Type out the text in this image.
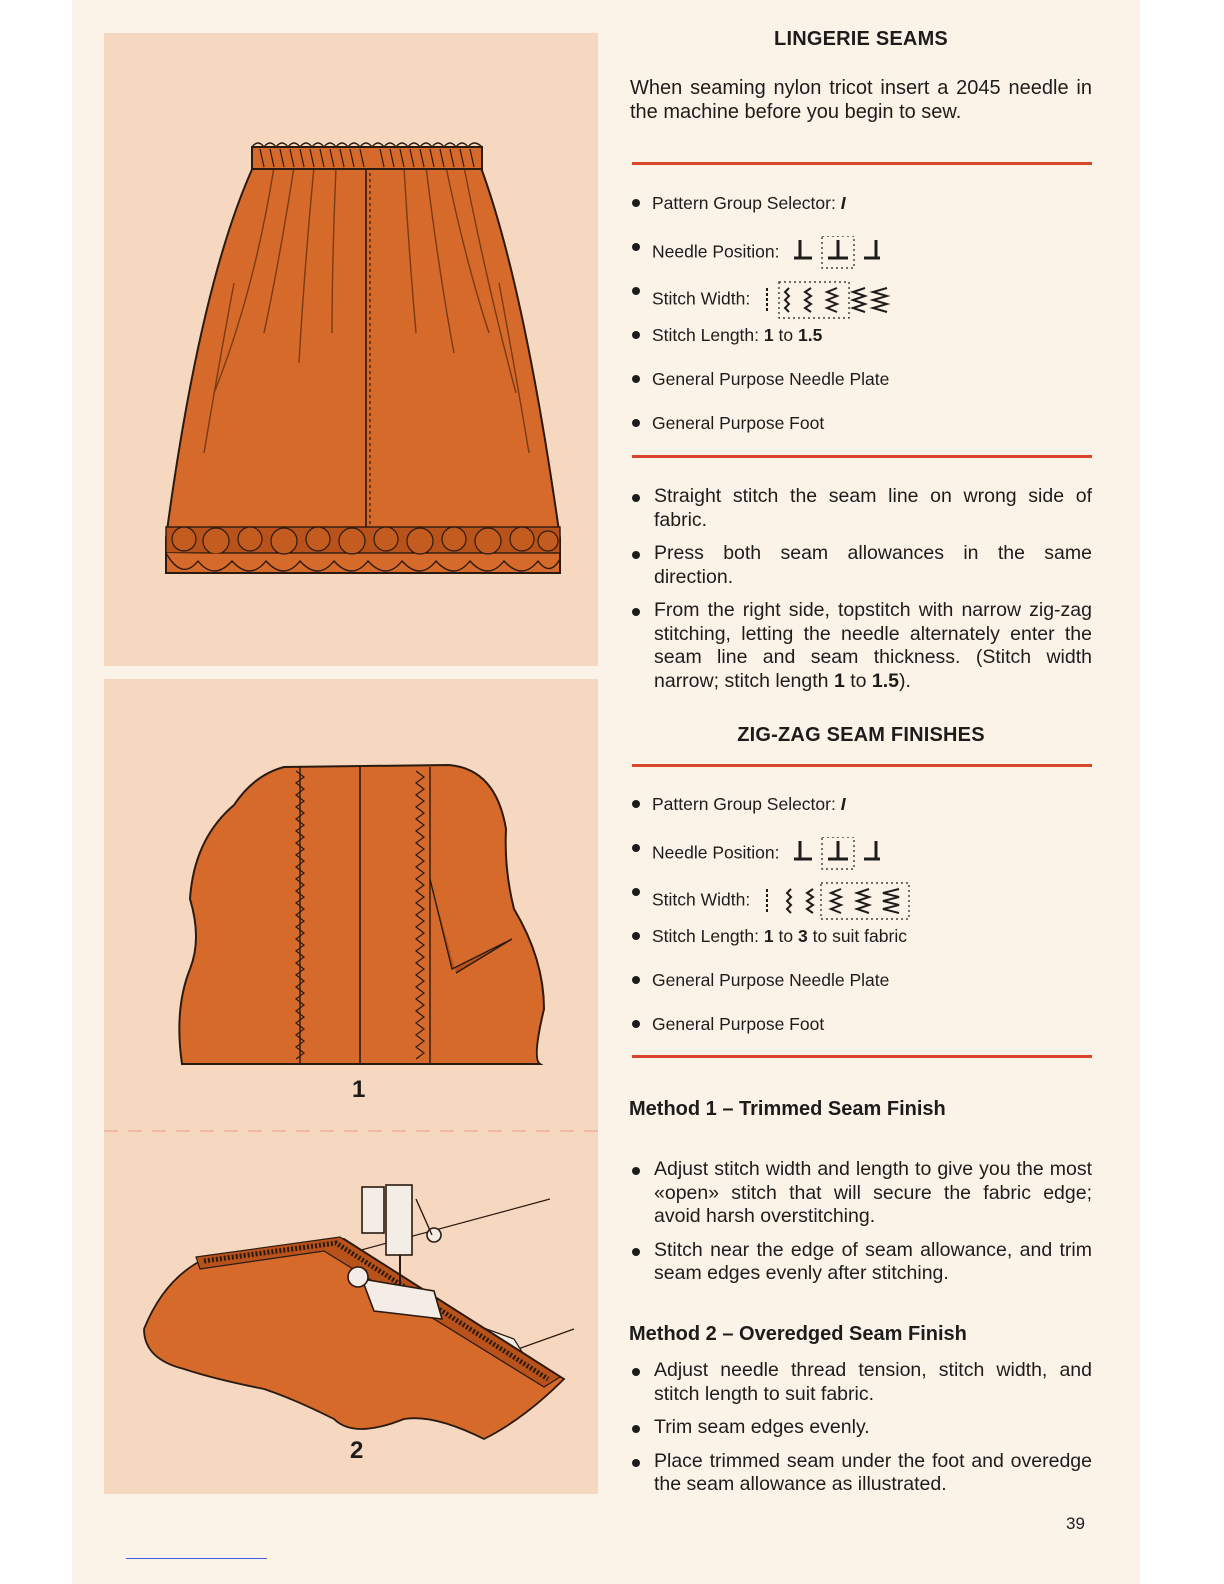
1
2
LINGERIE SEAMS
When seaming nylon tricot insert a 2045 needle in the machine before you begin to sew.
Pattern Group Selector: I
Needle Position:
Stitch Width:
Stitch Length: 1 to 1.5
General Purpose Needle Plate
General Purpose Foot
Straight stitch the seam line on wrong side of fabric.
Press both seam allowances in the same direction.
From the right side, topstitch with narrow zig-zag stitching, letting the needle alternately enter the seam line and seam thickness. (Stitch width narrow; stitch length 1 to 1.5).
ZIG-ZAG SEAM FINISHES
Pattern Group Selector: I
Needle Position:
Stitch Width:
Stitch Length: 1 to 3 to suit fabric
General Purpose Needle Plate
General Purpose Foot
Method 1 – Trimmed Seam Finish
Adjust stitch width and length to give you the most «open» stitch that will secure the fabric edge; avoid harsh overstitching.
Stitch near the edge of seam allowance, and trim seam edges evenly after stitching.
Method 2 – Overedged Seam Finish
Adjust needle thread tension, stitch width, and stitch length to suit fabric.
Trim seam edges evenly.
Place trimmed seam under the foot and overedge the seam allowance as illustrated.
39
